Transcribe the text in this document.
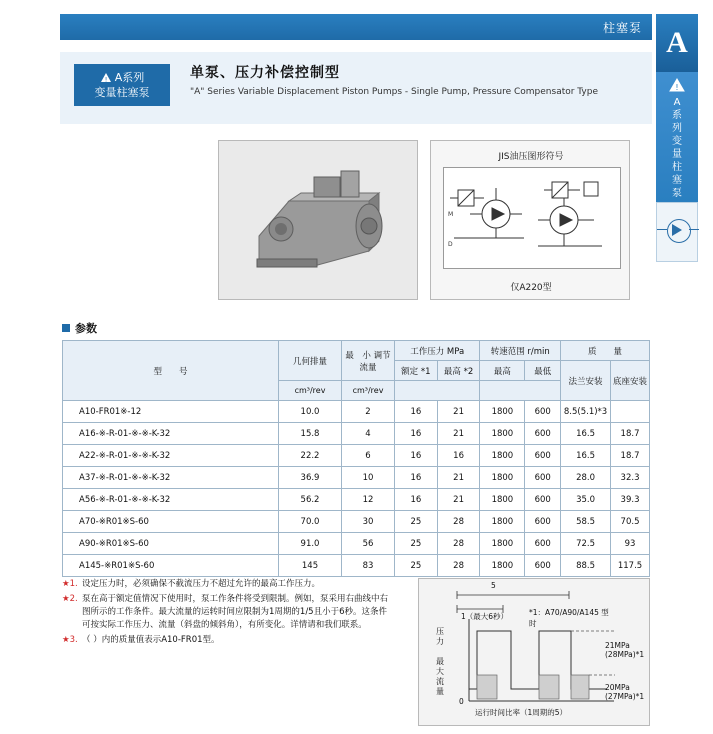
柱塞泵 A
!
A
系
列
变
量
柱
塞
泵
! A系列
变量柱塞泵
单泵、压力补偿控制型
"A" Series Variable Displacement Piston Pumps - Single Pump, Pressure Compensator Type
JIS油压图形符号
M
D
仅A220型
参数
型　　号	几何排量	最　小 调节流量	工作压力 MPa		转速范围 r/min		质　　量	
			额定 *1	最高 *2	最高	最低	法兰安装	底座安装
	cm³/rev	cm³/rev						
A10-FR01※-12	10.0	2	16	21	1800	600	8.5(5.1)*3	
A16-※-R-01-※-※-K-32	15.8	4	16	21	1800	600	16.5	18.7
A22-※-R-01-※-※-K-32	22.2	6	16	16	1800	600	16.5	18.7
A37-※-R-01-※-※-K-32	36.9	10	16	21	1800	600	28.0	32.3
A56-※-R-01-※-※-K-32	56.2	12	16	21	1800	600	35.0	39.3
A70-※R01※S-60	70.0	30	25	28	1800	600	58.5	70.5
A90-※R01※S-60	91.0	56	25	28	1800	600	72.5	93
A145-※R01※S-60	145	83	25	28	1800	600	88.5	117.5
★1. 设定压力时，必须确保不截流压力不超过允许的最高工作压力。
★2. 泵在高于额定值情况下使用时，泵工作条件将受到限制。例如，泵采用右曲线中右图所示的工作条件。最大流量的运转时间应限制为1周期的1/5且小于6秒。这条件可按实际工作压力、流量（斜盘的倾斜角），有所变化。详情请和我们联系。
★3. （ ）内的质量值表示A10-FR01型。
5
1（最大6秒）	*1：A70/A90/A145 型时
压力
最 大 流 量
0
运行时间比率（1周期的5）
21MPa (28MPa)*1
20MPa (27MPa)*1
